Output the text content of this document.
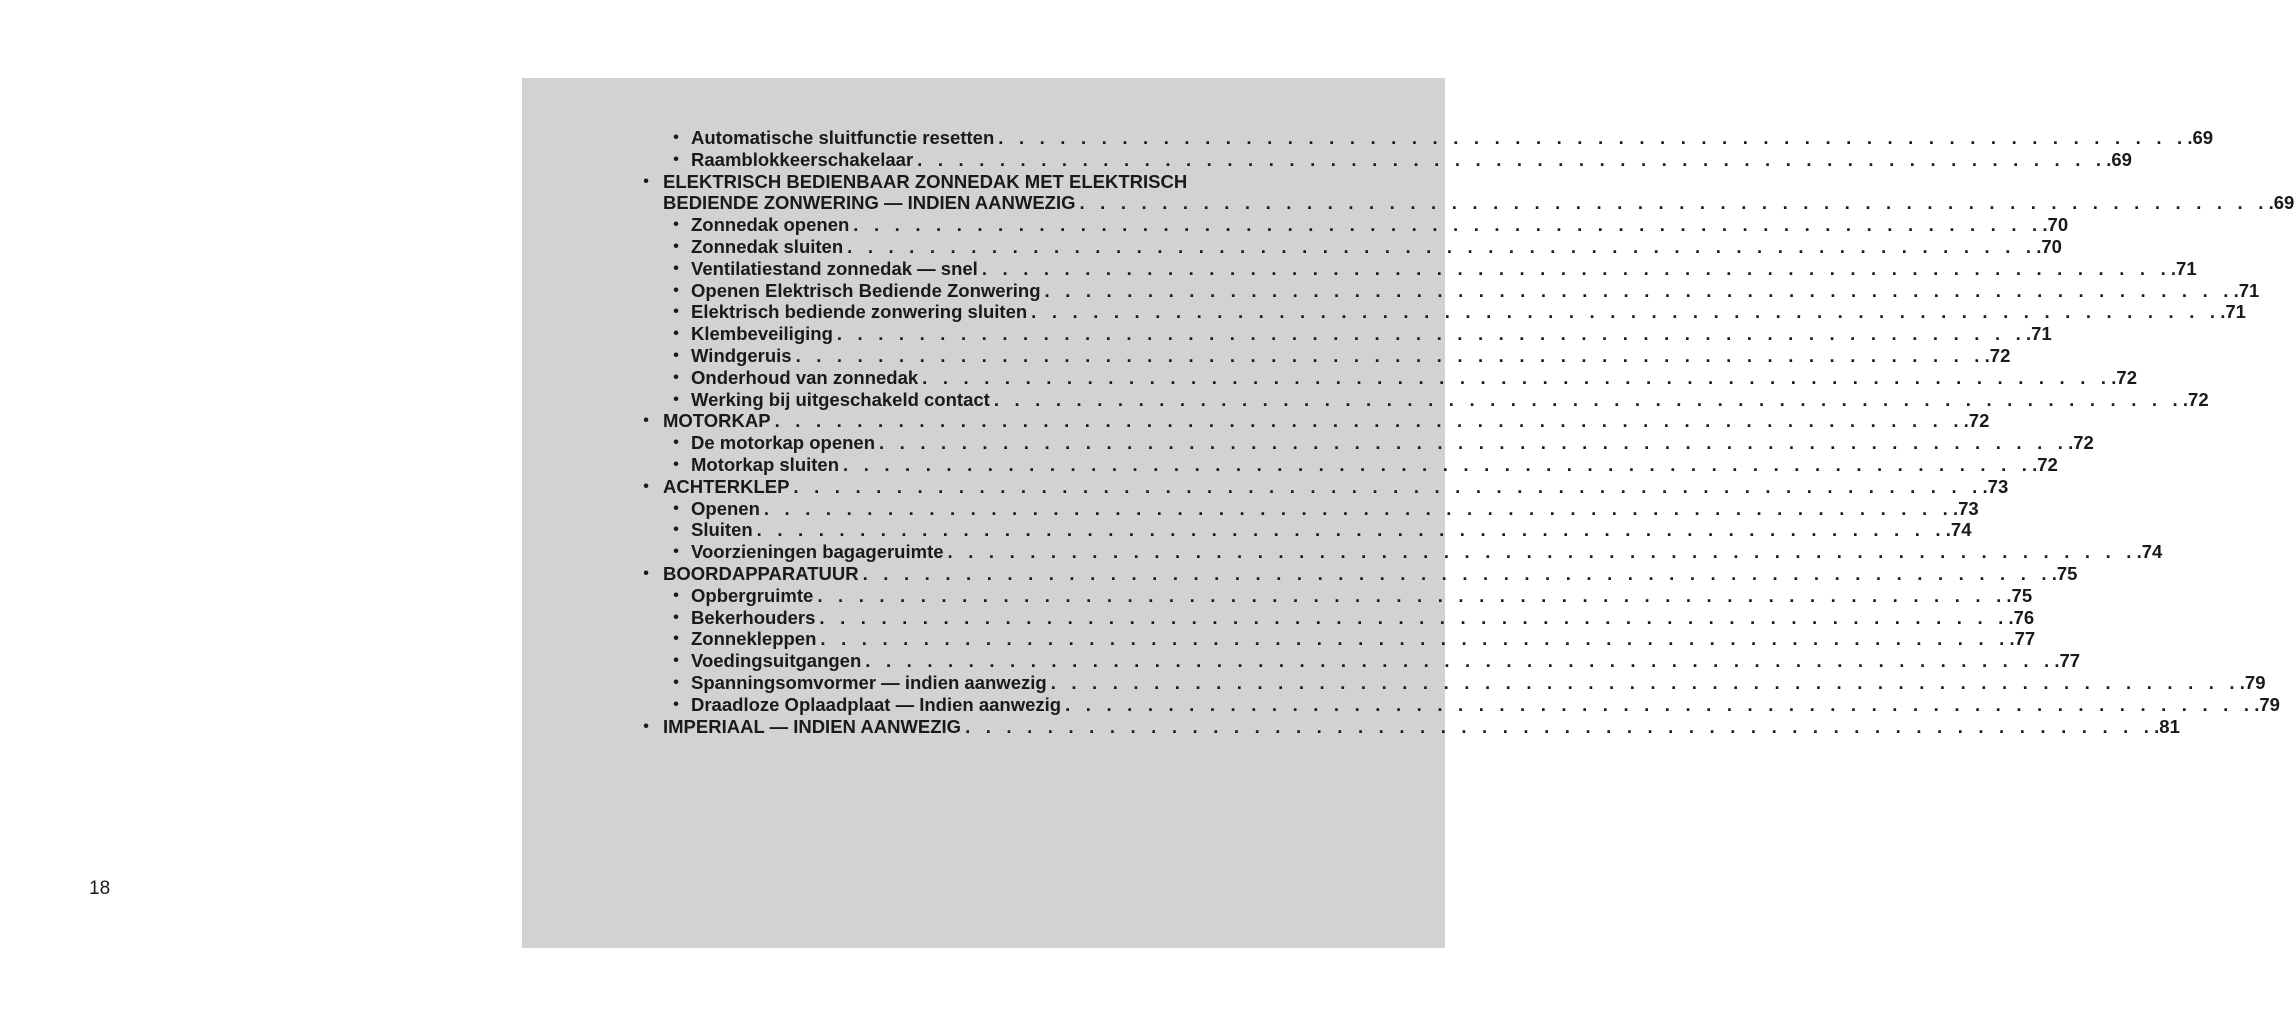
18
• Automatische sluitfunctie resetten . . . . . . . . . . . . . . . . . . . . . . . . . . . . . . . . . . . . . . . . . . . . . . . . . . . . . . . . . . .69
• Raamblokkeerschakelaar . . . . . . . . . . . . . . . . . . . . . . . . . . . . . . . . . . . . . . . . . . . . . . . . . . . . . . . . . . .69
• ELEKTRISCH BEDIENBAAR ZONNEDAK MET ELEKTRISCH
BEDIENDE ZONWERING — INDIEN AANWEZIG . . . . . . . . . . . . . . . . . . . . . . . . . . . . . . . . . . . . . . . . . . . . . . . . . . . . . . . . . . .69
• Zonnedak openen . . . . . . . . . . . . . . . . . . . . . . . . . . . . . . . . . . . . . . . . . . . . . . . . . . . . . . . . . . .70
• Zonnedak sluiten . . . . . . . . . . . . . . . . . . . . . . . . . . . . . . . . . . . . . . . . . . . . . . . . . . . . . . . . . . .70
• Ventilatiestand zonnedak — snel . . . . . . . . . . . . . . . . . . . . . . . . . . . . . . . . . . . . . . . . . . . . . . . . . . . . . . . . . . .71
• Openen Elektrisch Bediende Zonwering . . . . . . . . . . . . . . . . . . . . . . . . . . . . . . . . . . . . . . . . . . . . . . . . . . . . . . . . . . .71
• Elektrisch bediende zonwering sluiten . . . . . . . . . . . . . . . . . . . . . . . . . . . . . . . . . . . . . . . . . . . . . . . . . . . . . . . . . . .71
• Klembeveiliging . . . . . . . . . . . . . . . . . . . . . . . . . . . . . . . . . . . . . . . . . . . . . . . . . . . . . . . . . . .71
• Windgeruis . . . . . . . . . . . . . . . . . . . . . . . . . . . . . . . . . . . . . . . . . . . . . . . . . . . . . . . . . . .72
• Onderhoud van zonnedak . . . . . . . . . . . . . . . . . . . . . . . . . . . . . . . . . . . . . . . . . . . . . . . . . . . . . . . . . . .72
• Werking bij uitgeschakeld contact . . . . . . . . . . . . . . . . . . . . . . . . . . . . . . . . . . . . . . . . . . . . . . . . . . . . . . . . . . .72
• MOTORKAP . . . . . . . . . . . . . . . . . . . . . . . . . . . . . . . . . . . . . . . . . . . . . . . . . . . . . . . . . . .72
• De motorkap openen . . . . . . . . . . . . . . . . . . . . . . . . . . . . . . . . . . . . . . . . . . . . . . . . . . . . . . . . . . .72
• Motorkap sluiten . . . . . . . . . . . . . . . . . . . . . . . . . . . . . . . . . . . . . . . . . . . . . . . . . . . . . . . . . . .72
• ACHTERKLEP . . . . . . . . . . . . . . . . . . . . . . . . . . . . . . . . . . . . . . . . . . . . . . . . . . . . . . . . . . .73
• Openen . . . . . . . . . . . . . . . . . . . . . . . . . . . . . . . . . . . . . . . . . . . . . . . . . . . . . . . . . . .73
• Sluiten . . . . . . . . . . . . . . . . . . . . . . . . . . . . . . . . . . . . . . . . . . . . . . . . . . . . . . . . . . .74
• Voorzieningen bagageruimte . . . . . . . . . . . . . . . . . . . . . . . . . . . . . . . . . . . . . . . . . . . . . . . . . . . . . . . . . . .74
• BOORDAPPARATUUR . . . . . . . . . . . . . . . . . . . . . . . . . . . . . . . . . . . . . . . . . . . . . . . . . . . . . . . . . . .75
• Opbergruimte . . . . . . . . . . . . . . . . . . . . . . . . . . . . . . . . . . . . . . . . . . . . . . . . . . . . . . . . . . .75
• Bekerhouders . . . . . . . . . . . . . . . . . . . . . . . . . . . . . . . . . . . . . . . . . . . . . . . . . . . . . . . . . . .76
• Zonnekleppen . . . . . . . . . . . . . . . . . . . . . . . . . . . . . . . . . . . . . . . . . . . . . . . . . . . . . . . . . . .77
• Voedingsuitgangen . . . . . . . . . . . . . . . . . . . . . . . . . . . . . . . . . . . . . . . . . . . . . . . . . . . . . . . . . . .77
• Spanningsomvormer — indien aanwezig . . . . . . . . . . . . . . . . . . . . . . . . . . . . . . . . . . . . . . . . . . . . . . . . . . . . . . . . . . .79
• Draadloze Oplaadplaat — Indien aanwezig . . . . . . . . . . . . . . . . . . . . . . . . . . . . . . . . . . . . . . . . . . . . . . . . . . . . . . . . . . .79
• IMPERIAAL — INDIEN AANWEZIG . . . . . . . . . . . . . . . . . . . . . . . . . . . . . . . . . . . . . . . . . . . . . . . . . . . . . . . . . . .81
